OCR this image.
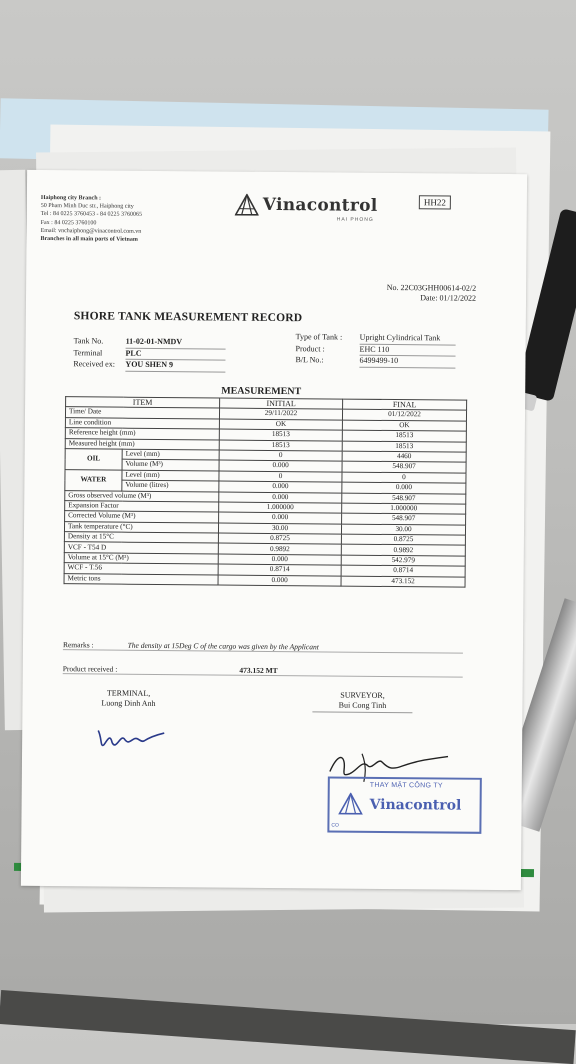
Haiphong city Branch :
50 Pham Minh Duc str., Haiphong city
Tel : 84 0225 3760453 - 84 0225 3760065
Fax : 84 0225 3760100
Email: vnchaiphong@vinacontrol.com.vn
Branches in all main ports of Vietnam
Vinacontrol
HAI PHONG
HH22
No. 22C03GHH00614-02/2
Date: 01/12/2022
SHORE TANK MEASUREMENT RECORD
Tank No.	11-02-01-NMDV
Terminal	PLC
Received ex:	YOU SHEN 9
Type of Tank :	Upright Cylindrical Tank
Product :	EHC 110
B/L No.:	6499499-10
MEASUREMENT
ITEM		INITIAL	FINAL
Time/ Date		29/11/2022	01/12/2022
Line condition		OK	OK
Reference height (mm)		18513	18513
Measured height (mm)		18513	18513
OIL	Level (mm)	0	4460
	Volume (M³)	0.000	548.907
WATER	Level (mm)	0	0
	Volume (litres)	0.000	0.000
Gross observed volume (M³)		0.000	548.907
Expansion Factor		1.000000	1.000000
Corrected Volume (M³)		0.000	548.907
Tank temperature (°C)		30.00	30.00
Density at 15°C		0.8725	0.8725
VCF - T54 D		0.9892	0.9892
Volume at 15°C (M³)		0.000	542.979
WCF - T.56		0.8714	0.8714
Metric tons		0.000	473.152
Remarks :	The density at 15Deg C of the cargo was given by the Applicant
Product received :	473.152 MT
TERMINAL,
Luong Dinh Anh
SURVEYOR,
Bui Cong Tinh
THAY MẶT CÔNG TY
Vinacontrol
CO
